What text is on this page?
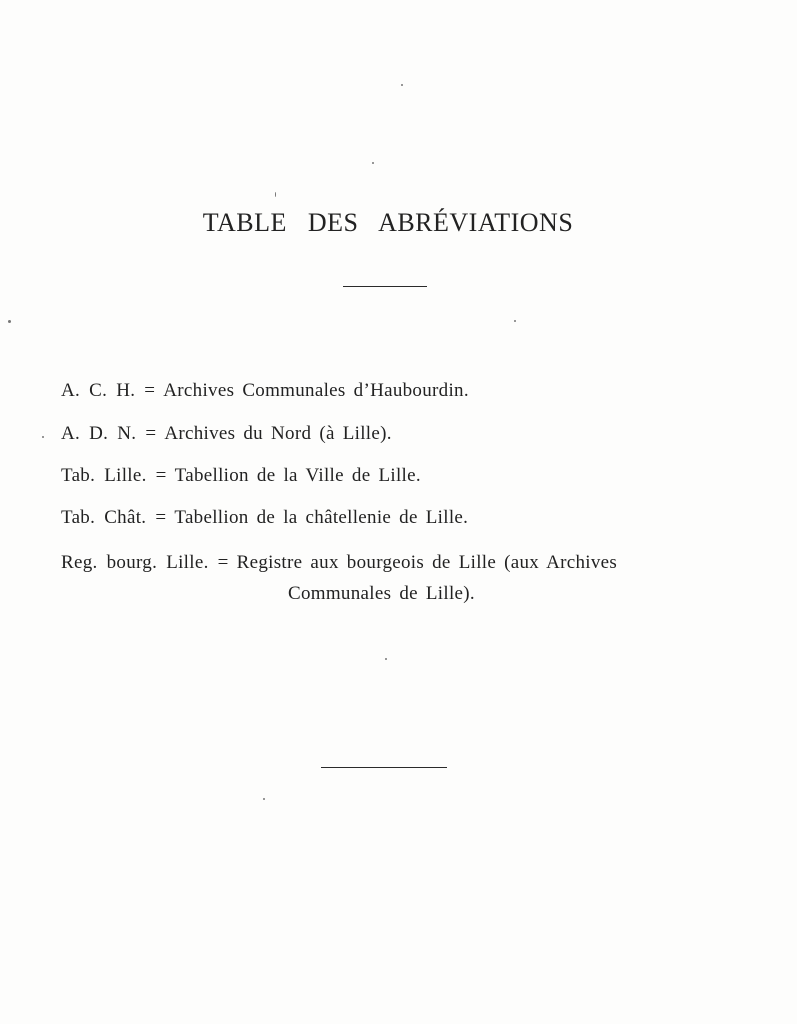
TABLE DES ABRÉVIATIONS
A. C. H. = Archives Communales d’Haubourdin.
A. D. N. = Archives du Nord (à Lille).
Tab. Lille. = Tabellion de la Ville de Lille.
Tab. Chât. = Tabellion de la châtellenie de Lille.
Reg. bourg. Lille. = Registre aux bourgeois de Lille (aux Archives
Communales de Lille).
